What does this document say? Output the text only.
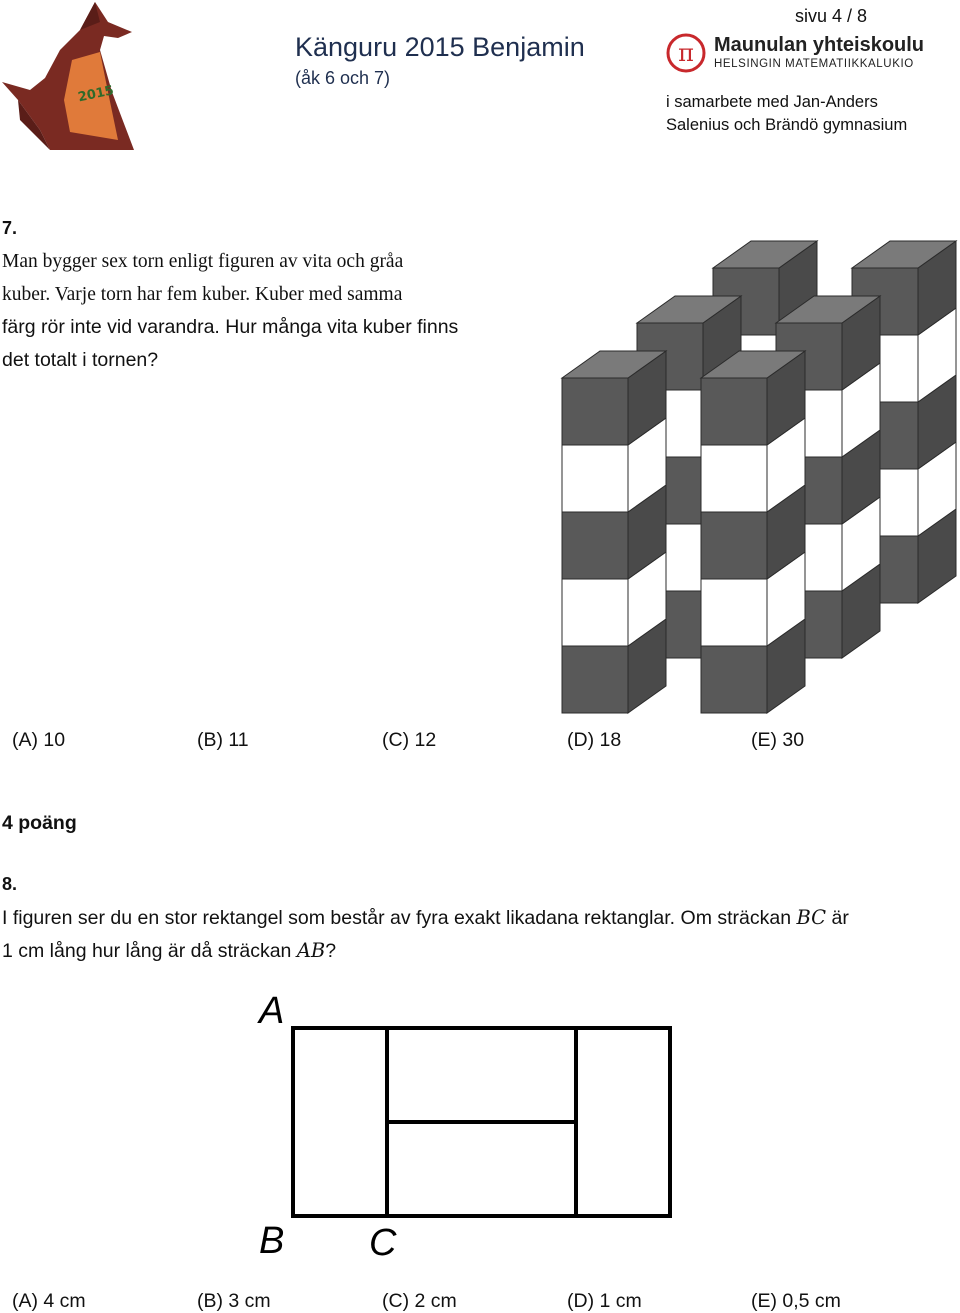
2015
sivu 4 / 8
Känguru 2015 Benjamin
(åk 6 och 7)
π Maunulan yhteiskoulu
HELSINGIN MATEMATIIKKALUKIO
i samarbete med Jan-Anders
Salenius och Brändö gymnasium
7.
Man bygger sex torn enligt figuren av vita och gråa
kuber. Varje torn har fem kuber. Kuber med samma
färg rör inte vid varandra. Hur många vita kuber finns
det totalt i tornen?
(A) 10	(B) 11	(C) 12	(D) 18	(E) 30
4 poäng
8.
I figuren ser du en stor rektangel som består av fyra exakt likadana rektanglar. Om sträckan BC är
1 cm lång hur lång är då sträckan AB?
A
B C
(A) 4 cm	(B) 3 cm	(C) 2 cm	(D) 1 cm	(E) 0,5 cm
